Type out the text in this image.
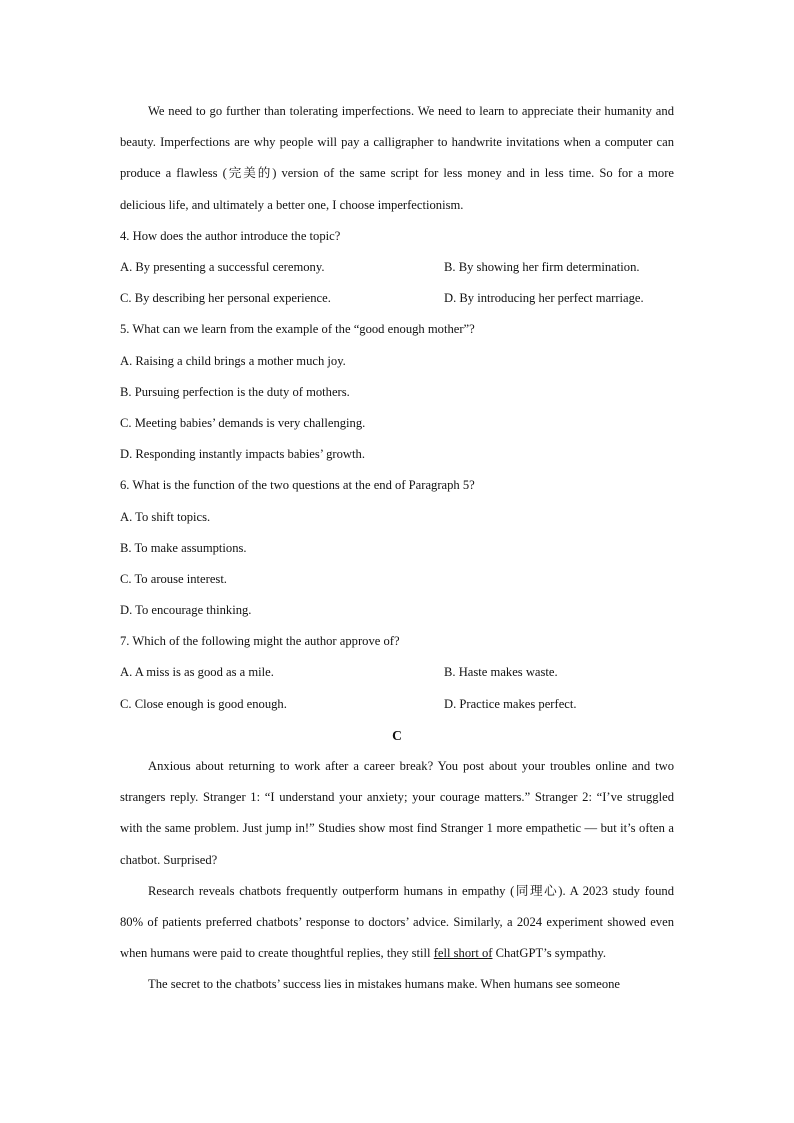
We need to go further than tolerating imperfections. We need to learn to appreciate their humanity and beauty. Imperfections are why people will pay a calligrapher to handwrite invitations when a computer can produce a flawless (完美的) version of the same script for less money and in less time. So for a more delicious life, and ultimately a better one, I choose imperfectionism.

4. How does the author introduce the topic?
A. By presenting a successful ceremony.	B. By showing her firm determination.
C. By describing her personal experience.	D. By introducing her perfect marriage.
5. What can we learn from the example of the “good enough mother”?
A. Raising a child brings a mother much joy.
B. Pursuing perfection is the duty of mothers.
C. Meeting babies’ demands is very challenging.
D. Responding instantly impacts babies’ growth.
6. What is the function of the two questions at the end of Paragraph 5?
A. To shift topics.
B. To make assumptions.
C. To arouse interest.
D. To encourage thinking.
7. Which of the following might the author approve of?
A. A miss is as good as a mile.	B. Haste makes waste.
C. Close enough is good enough.	D. Practice makes perfect.
C

Anxious about returning to work after a career break? You post about your troubles online and two strangers reply. Stranger 1: “I understand your anxiety; your courage matters.” Stranger 2: “I’ve struggled with the same problem. Just jump in!” Studies show most find Stranger 1 more empathetic — but it’s often a chatbot. Surprised?

Research reveals chatbots frequently outperform humans in empathy (同理心). A 2023 study found 80% of patients preferred chatbots’ response to doctors’ advice. Similarly, a 2024 experiment showed even when humans were paid to create thoughtful replies, they still fell short of ChatGPT’s sympathy.

The secret to the chatbots’ success lies in mistakes humans make. When humans see someone
